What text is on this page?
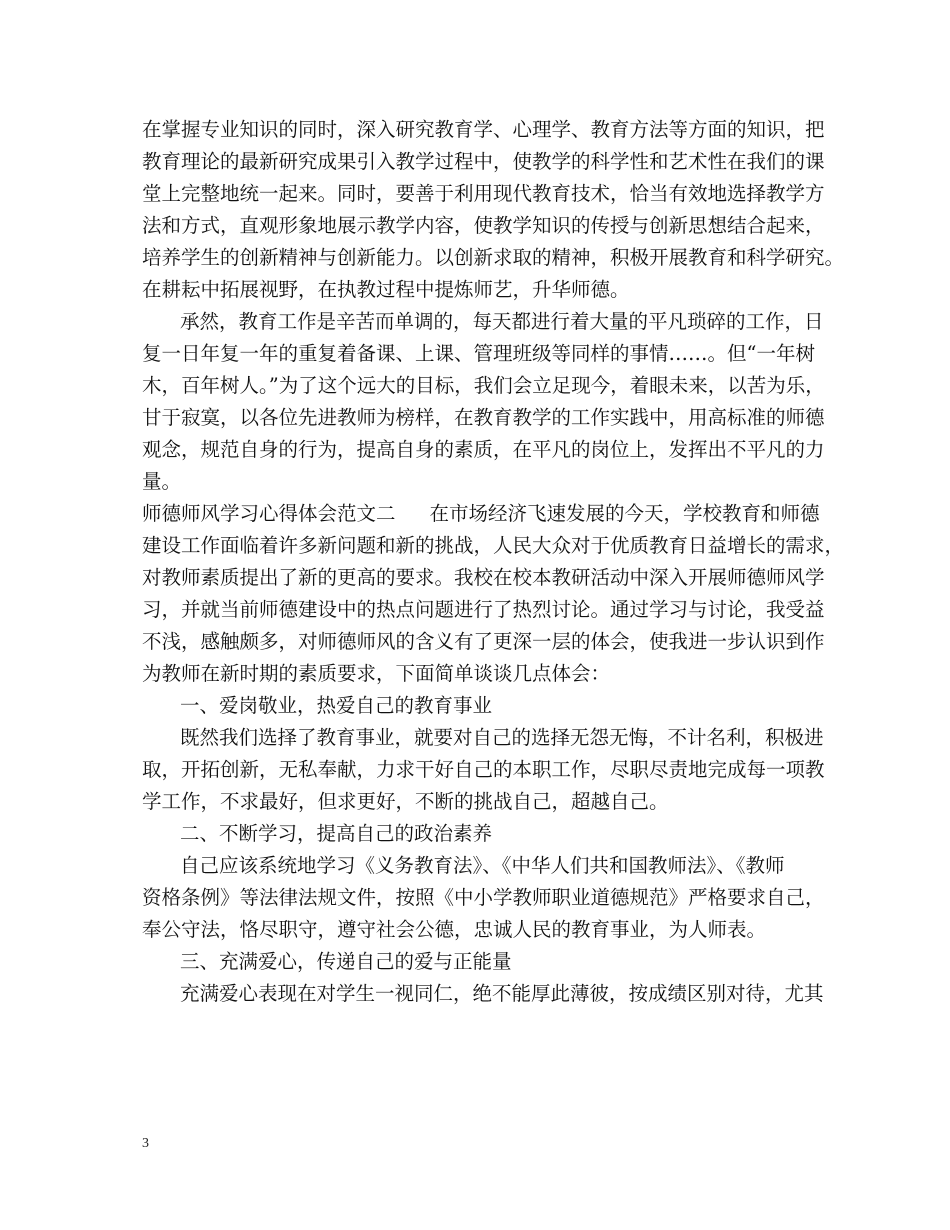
在掌握专业知识的同时，深入研究教育学、心理学、教育方法等方面的知识，把
教育理论的最新研究成果引入教学过程中，使教学的科学性和艺术性在我们的课
堂上完整地统一起来。同时，要善于利用现代教育技术，恰当有效地选择教学方
法和方式，直观形象地展示教学内容，使教学知识的传授与创新思想结合起来，
培养学生的创新精神与创新能力。以创新求取的精神，积极开展教育和科学研究。
在耕耘中拓展视野，在执教过程中提炼师艺，升华师德。
承然，教育工作是辛苦而单调的，每天都进行着大量的平凡琐碎的工作，日
复一日年复一年的重复着备课、上课、管理班级等同样的事情……。但“一年树
木，百年树人。”为了这个远大的目标，我们会立足现今，着眼未来，以苦为乐，
甘于寂寞，以各位先进教师为榜样，在教育教学的工作实践中，用高标准的师德
观念，规范自身的行为，提高自身的素质，在平凡的岗位上，发挥出不平凡的力
量。
师德师风学习心得体会范文二 在市场经济飞速发展的今天，学校教育和师德
建设工作面临着许多新问题和新的挑战，人民大众对于优质教育日益增长的需求，
对教师素质提出了新的更高的要求。我校在校本教研活动中深入开展师德师风学
习，并就当前师德建设中的热点问题进行了热烈讨论。通过学习与讨论，我受益
不浅，感触颇多，对师德师风的含义有了更深一层的体会，使我进一步认识到作
为教师在新时期的素质要求，下面简单谈谈几点体会：
一、爱岗敬业，热爱自己的教育事业
既然我们选择了教育事业，就要对自己的选择无怨无悔，不计名利，积极进
取，开拓创新，无私奉献，力求干好自己的本职工作，尽职尽责地完成每一项教
学工作，不求最好，但求更好，不断的挑战自己，超越自己。
二、不断学习，提高自己的政治素养
自己应该系统地学习《义务教育法》、《中华人们共和国教师法》、《教师
资格条例》等法律法规文件，按照《中小学教师职业道德规范》严格要求自己，
奉公守法，恪尽职守，遵守社会公德，忠诚人民的教育事业，为人师表。
三、充满爱心，传递自己的爱与正能量
充满爱心表现在对学生一视同仁，绝不能厚此薄彼，按成绩区别对待，尤其
3
